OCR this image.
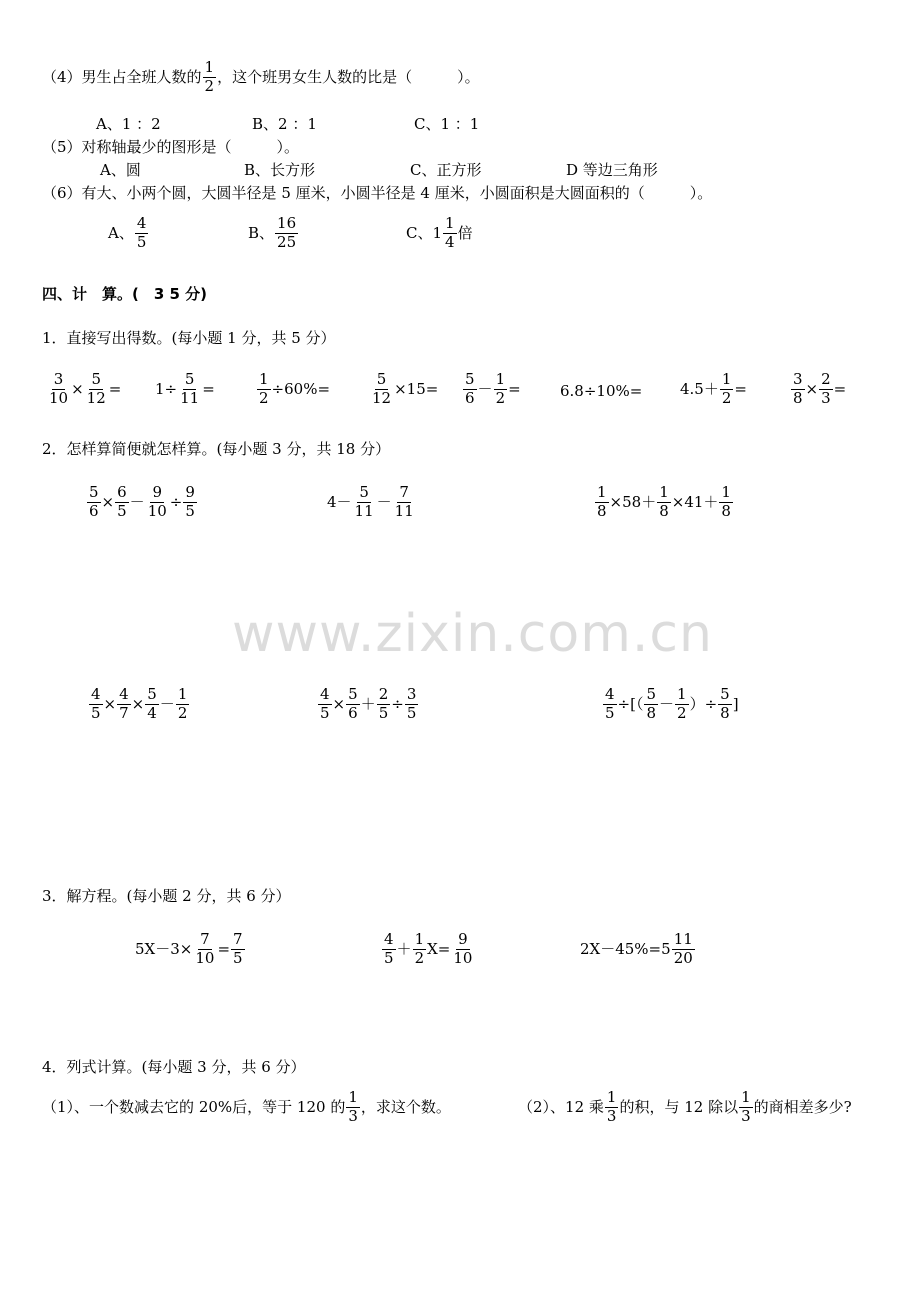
（4）男生占全班人数的 $\frac{1}{2}$ ，这个班男女生人数的比是（　　　）。
A、1 ：2	B、2 ：1	C、1 ：1
（5）对称轴最少的图形是（　　　）。
A、圆	B、长方形	C、正方形	D 等边三角形
（6）有大、小两个圆，大圆半径是 5 厘米，小圆半径是 4 厘米，小圆面积是大圆面积的（　　　）。
A、 $\frac{4}{5}$	B、 $\frac{16}{25}$	C、$1 \frac{1}{4}$ 倍
四、计　算。(　3 5 分)
1．直接写出得数。(每小题 1 分，共 5 分）
$\frac{3}{10} \times \frac{5}{12} = 1\div \frac{5}{11}$ =	$\frac{1}{2} \div 60\%=$	$\frac{5}{12} \times 15= \frac{5}{6} - \frac{1}{2}$ =	6.8÷10%=	$4.5+ \frac{1}{2}$ =	$\frac{3}{8} \times \frac{2}{3}$ =
2．怎样算简便就怎样算。(每小题 3 分，共 18 分）
$\frac{5}{6} \times \frac{6}{5} - \frac{9}{10} \div \frac{9}{5}$	$4- \frac{5}{11} - \frac{7}{11}$	$\frac{1}{8} \times 58+ \frac{1}{8} \times 41+ \frac{1}{8}$
www.zixin.com.cn
$\frac{4}{5} \times \frac{4}{7} \times \frac{5}{4} - \frac{1}{2}$	$\frac{4}{5} \times \frac{5}{6} + \frac{2}{5} \div \frac{3}{5}$	$\frac{4}{5}$ ÷[（ $\frac{5}{8} - \frac{1}{2}$ ）÷ $\frac{5}{8}$ ]
3．解方程。(每小题 2 分，共 6 分）
$5X-3\times \frac{7}{10} = \frac{7}{5}$	$\frac{4}{5} + \frac{1}{2} X= \frac{9}{10}$	$2X-45\%=5 \frac{11}{20}$
4．列式计算。(每小题 3 分，共 6 分）
（1）、一个数减去它的 20%后，等于 120 的 $\frac{1}{3}$ ，求这个数。	（2）、12 乘 $\frac{1}{3}$ 的积，与 12 除以 $\frac{1}{3}$ 的商相差多少?
